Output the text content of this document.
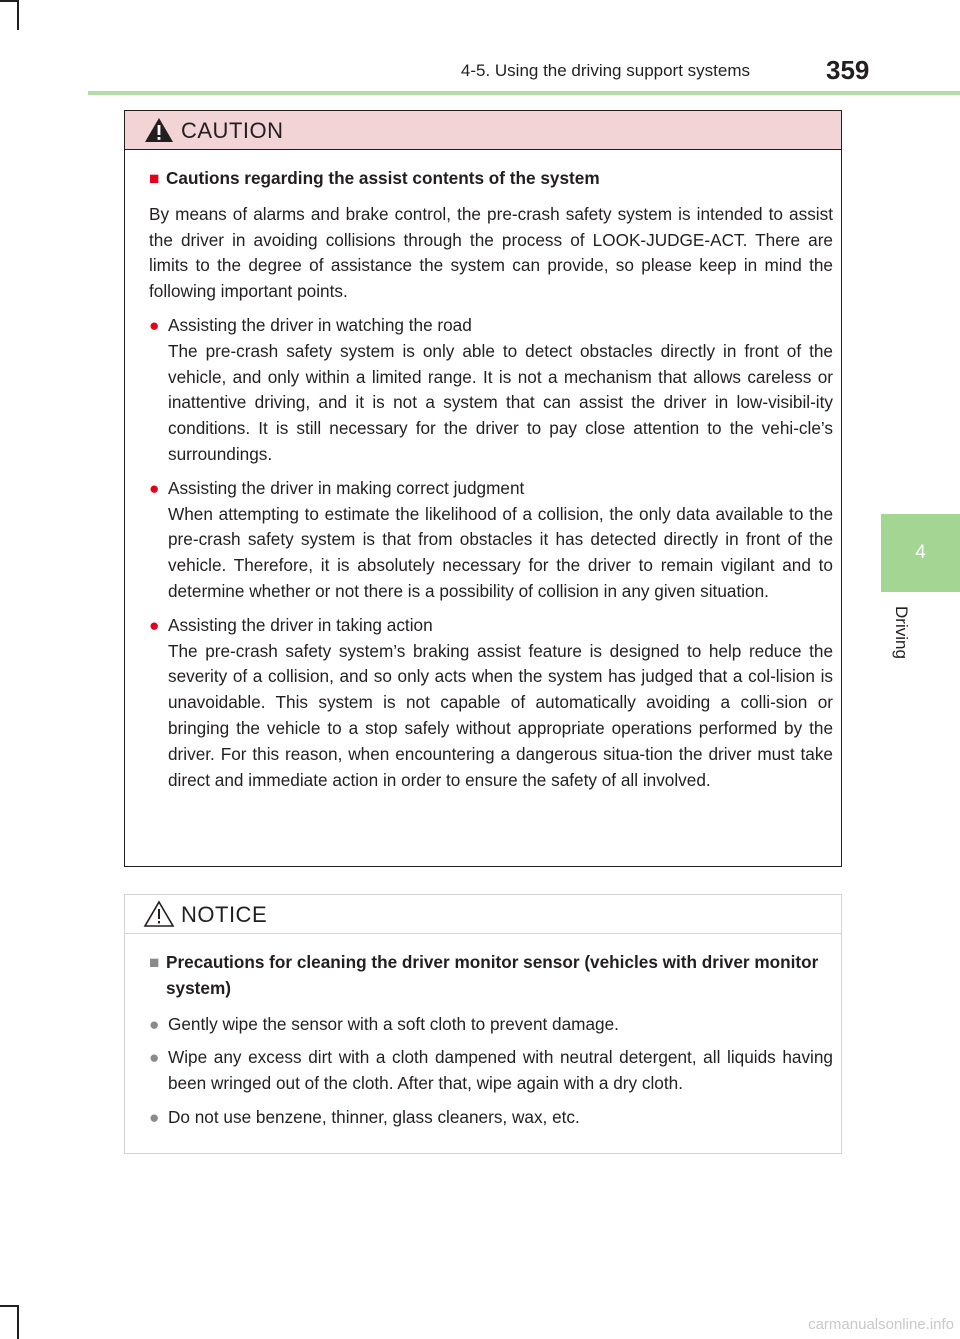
4-5. Using the driving support systems	359
4
Driving
CAUTION
■ Cautions regarding the assist contents of the system
By means of alarms and brake control, the pre-crash safety system is intended to assist the driver in avoiding collisions through the process of LOOK-JUDGE-ACT. There are limits to the degree of assistance the system can provide, so please keep in mind the following important points.
● Assisting the driver in watching the road
The pre-crash safety system is only able to detect obstacles directly in front of the vehicle, and only within a limited range. It is not a mechanism that allows careless or inattentive driving, and it is not a system that can assist the driver in low-visibil-ity conditions. It is still necessary for the driver to pay close attention to the vehi-cle’s surroundings.
● Assisting the driver in making correct judgment
When attempting to estimate the likelihood of a collision, the only data available to the pre-crash safety system is that from obstacles it has detected directly in front of the vehicle. Therefore, it is absolutely necessary for the driver to remain vigilant and to determine whether or not there is a possibility of collision in any given situation.
● Assisting the driver in taking action
The pre-crash safety system’s braking assist feature is designed to help reduce the severity of a collision, and so only acts when the system has judged that a col-lision is unavoidable. This system is not capable of automatically avoiding a colli-sion or bringing the vehicle to a stop safely without appropriate operations performed by the driver. For this reason, when encountering a dangerous situa-tion the driver must take direct and immediate action in order to ensure the safety of all involved.
NOTICE
■ Precautions for cleaning the driver monitor sensor (vehicles with driver monitor system)
● Gently wipe the sensor with a soft cloth to prevent damage.
● Wipe any excess dirt with a cloth dampened with neutral detergent, all liquids having been wringed out of the cloth. After that, wipe again with a dry cloth.
● Do not use benzene, thinner, glass cleaners, wax, etc.
carmanualsonline.info
